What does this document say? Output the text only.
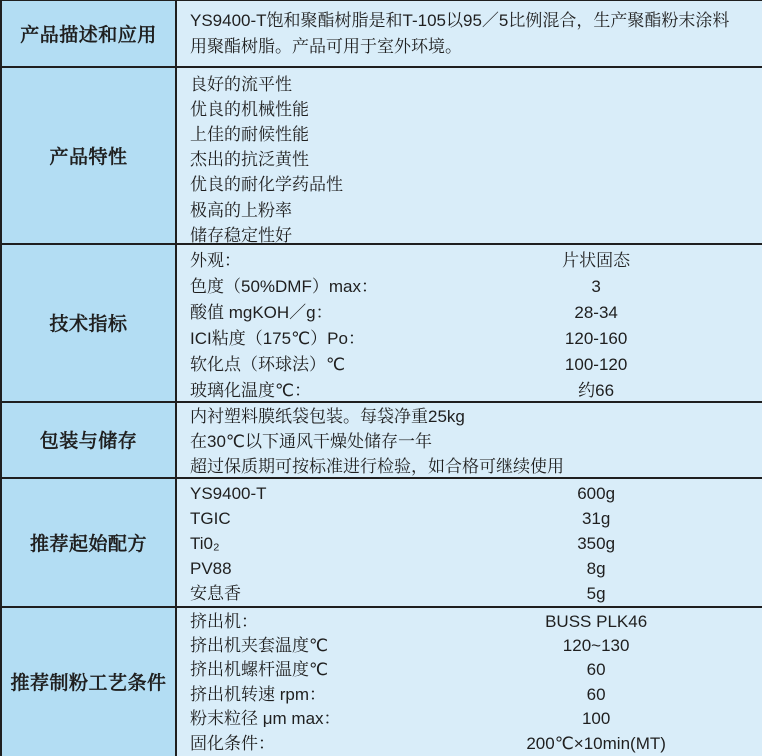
产品描述和应用
YS9400-T饱和聚酯树脂是和T-105以95／5比例混合，生产聚酯粉末涂料用聚酯树脂。产品可用于室外环境。
产品特性
良好的流平性
优良的机械性能
上佳的耐候性能
杰出的抗泛黄性
优良的耐化学药品性
极高的上粉率
储存稳定性好
技术指标
外观：	片状固态
色度（50%DMF）max：	3
酸值 mgKOH／g：	28-34
ICI粘度（175℃）Po：	120-160
软化点（环球法）℃	100-120
玻璃化温度℃：	约66
包装与储存
内衬塑料膜纸袋包装。每袋净重25kg
在30℃以下通风干燥处储存一年
超过保质期可按标准进行检验，如合格可继续使用
推荐起始配方
YS9400-T	600g
TGIC	31g
Ti0₂	350g
PV88	8g
安息香	5g
推荐制粉工艺条件
挤出机：	BUSS PLK46
挤出机夹套温度℃	120~130
挤出机螺杆温度℃	60
挤出机转速 rpm：	60
粉末粒径 μm max：	100
固化条件：	200℃×10min(MT)
